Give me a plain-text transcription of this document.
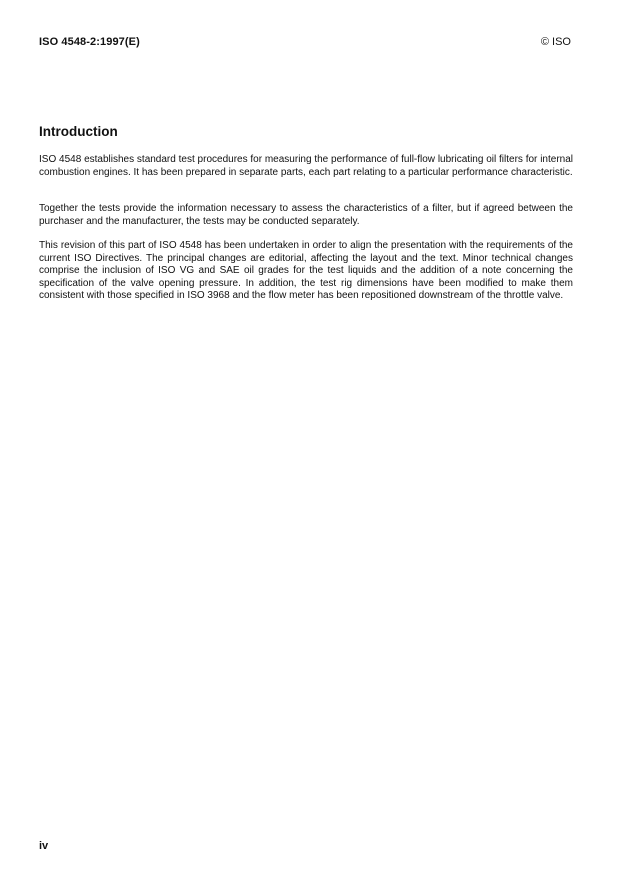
ISO 4548-2:1997(E)	© ISO
Introduction

ISO 4548 establishes standard test procedures for measuring the performance of full-flow lubricating oil filters for internal combustion engines. It has been prepared in separate parts, each part relating to a particular performance characteristic.

Together the tests provide the information necessary to assess the characteristics of a filter, but if agreed between the purchaser and the manufacturer, the tests may be conducted separately.

This revision of this part of ISO 4548 has been undertaken in order to align the presentation with the requirements of the current ISO Directives. The principal changes are editorial, affecting the layout and the text. Minor technical changes comprise the inclusion of ISO VG and SAE oil grades for the test liquids and the addition of a note concerning the specification of the valve opening pressure. In addition, the test rig dimensions have been modified to make them consistent with those specified in ISO 3968 and the flow meter has been repositioned downstream of the throttle valve.

iv
